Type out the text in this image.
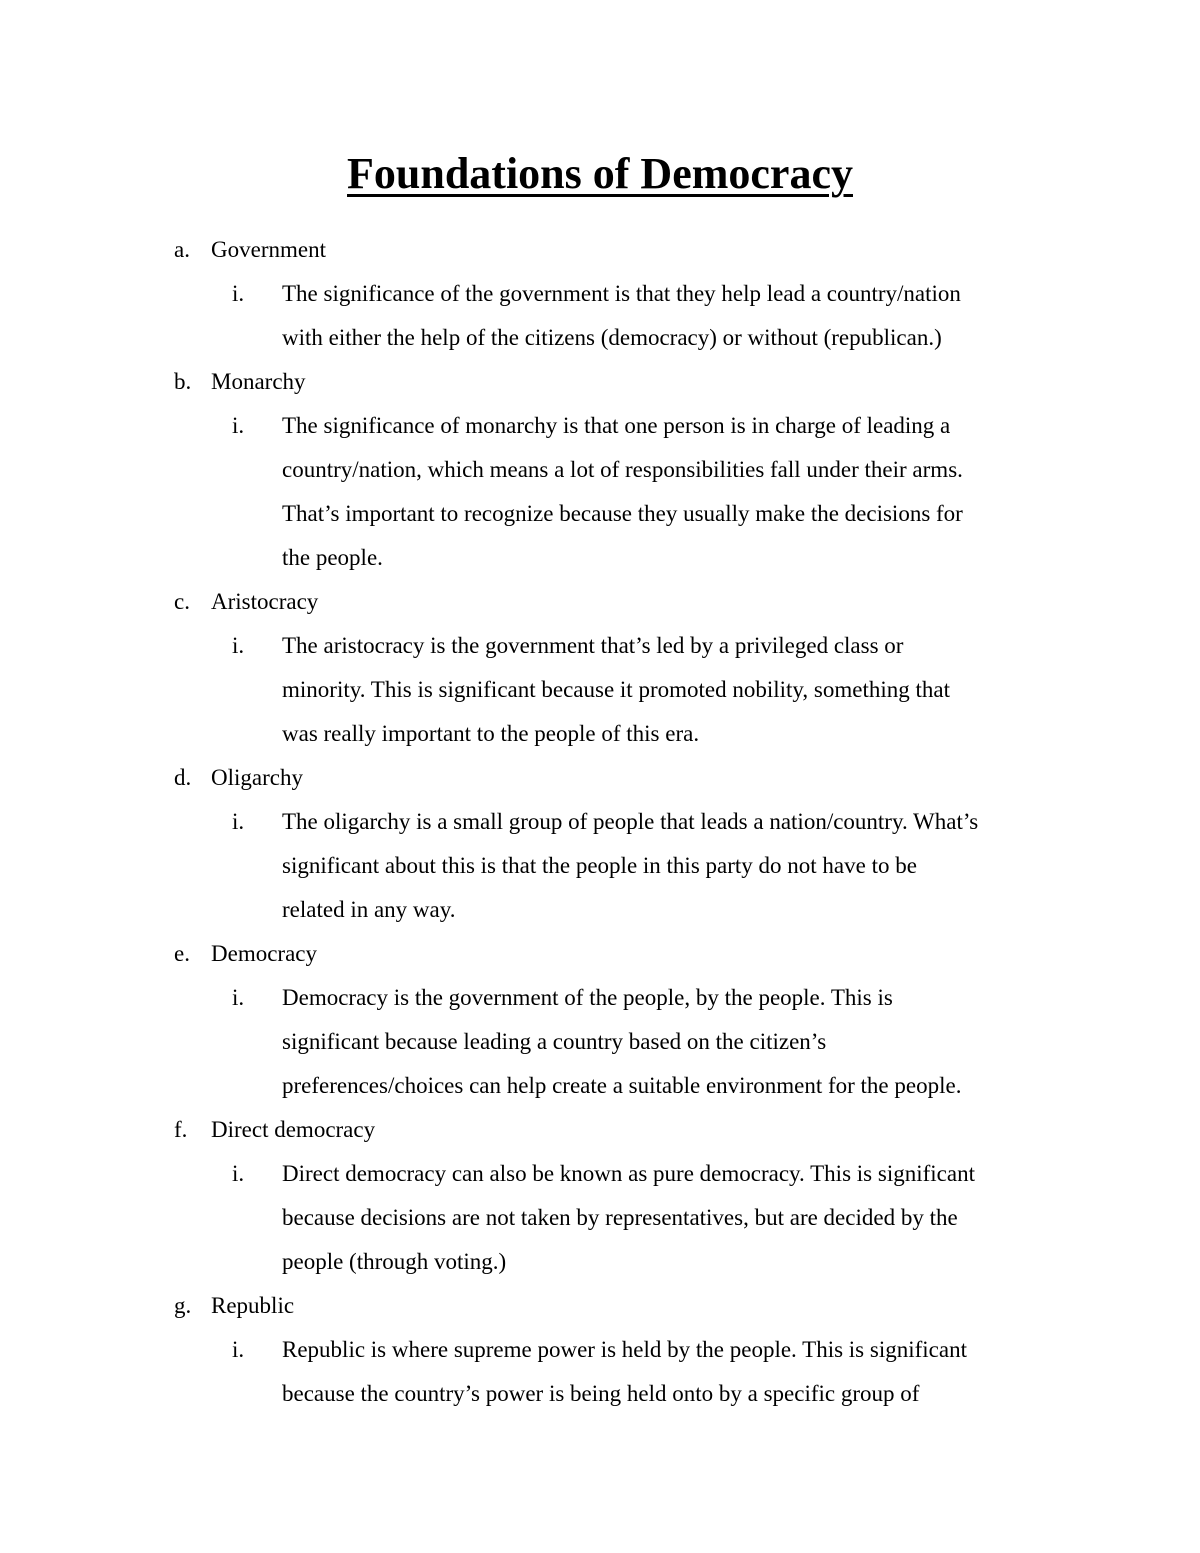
Foundations of Democracy
a. Government
i. The significance of the government is that they help lead a country/nation
with either the help of the citizens (democracy) or without (republican.)
b. Monarchy
i. The significance of monarchy is that one person is in charge of leading a
country/nation, which means a lot of responsibilities fall under their arms.
That’s important to recognize because they usually make the decisions for
the people.
c. Aristocracy
i. The aristocracy is the government that’s led by a privileged class or
minority. This is significant because it promoted nobility, something that
was really important to the people of this era.
d. Oligarchy
i. The oligarchy is a small group of people that leads a nation/country. What’s
significant about this is that the people in this party do not have to be
related in any way.
e. Democracy
i. Democracy is the government of the people, by the people. This is
significant because leading a country based on the citizen’s
preferences/choices can help create a suitable environment for the people.
f. Direct democracy
i. Direct democracy can also be known as pure democracy. This is significant
because decisions are not taken by representatives, but are decided by the
people (through voting.)
g. Republic
i. Republic is where supreme power is held by the people. This is significant
because the country’s power is being held onto by a specific group of
